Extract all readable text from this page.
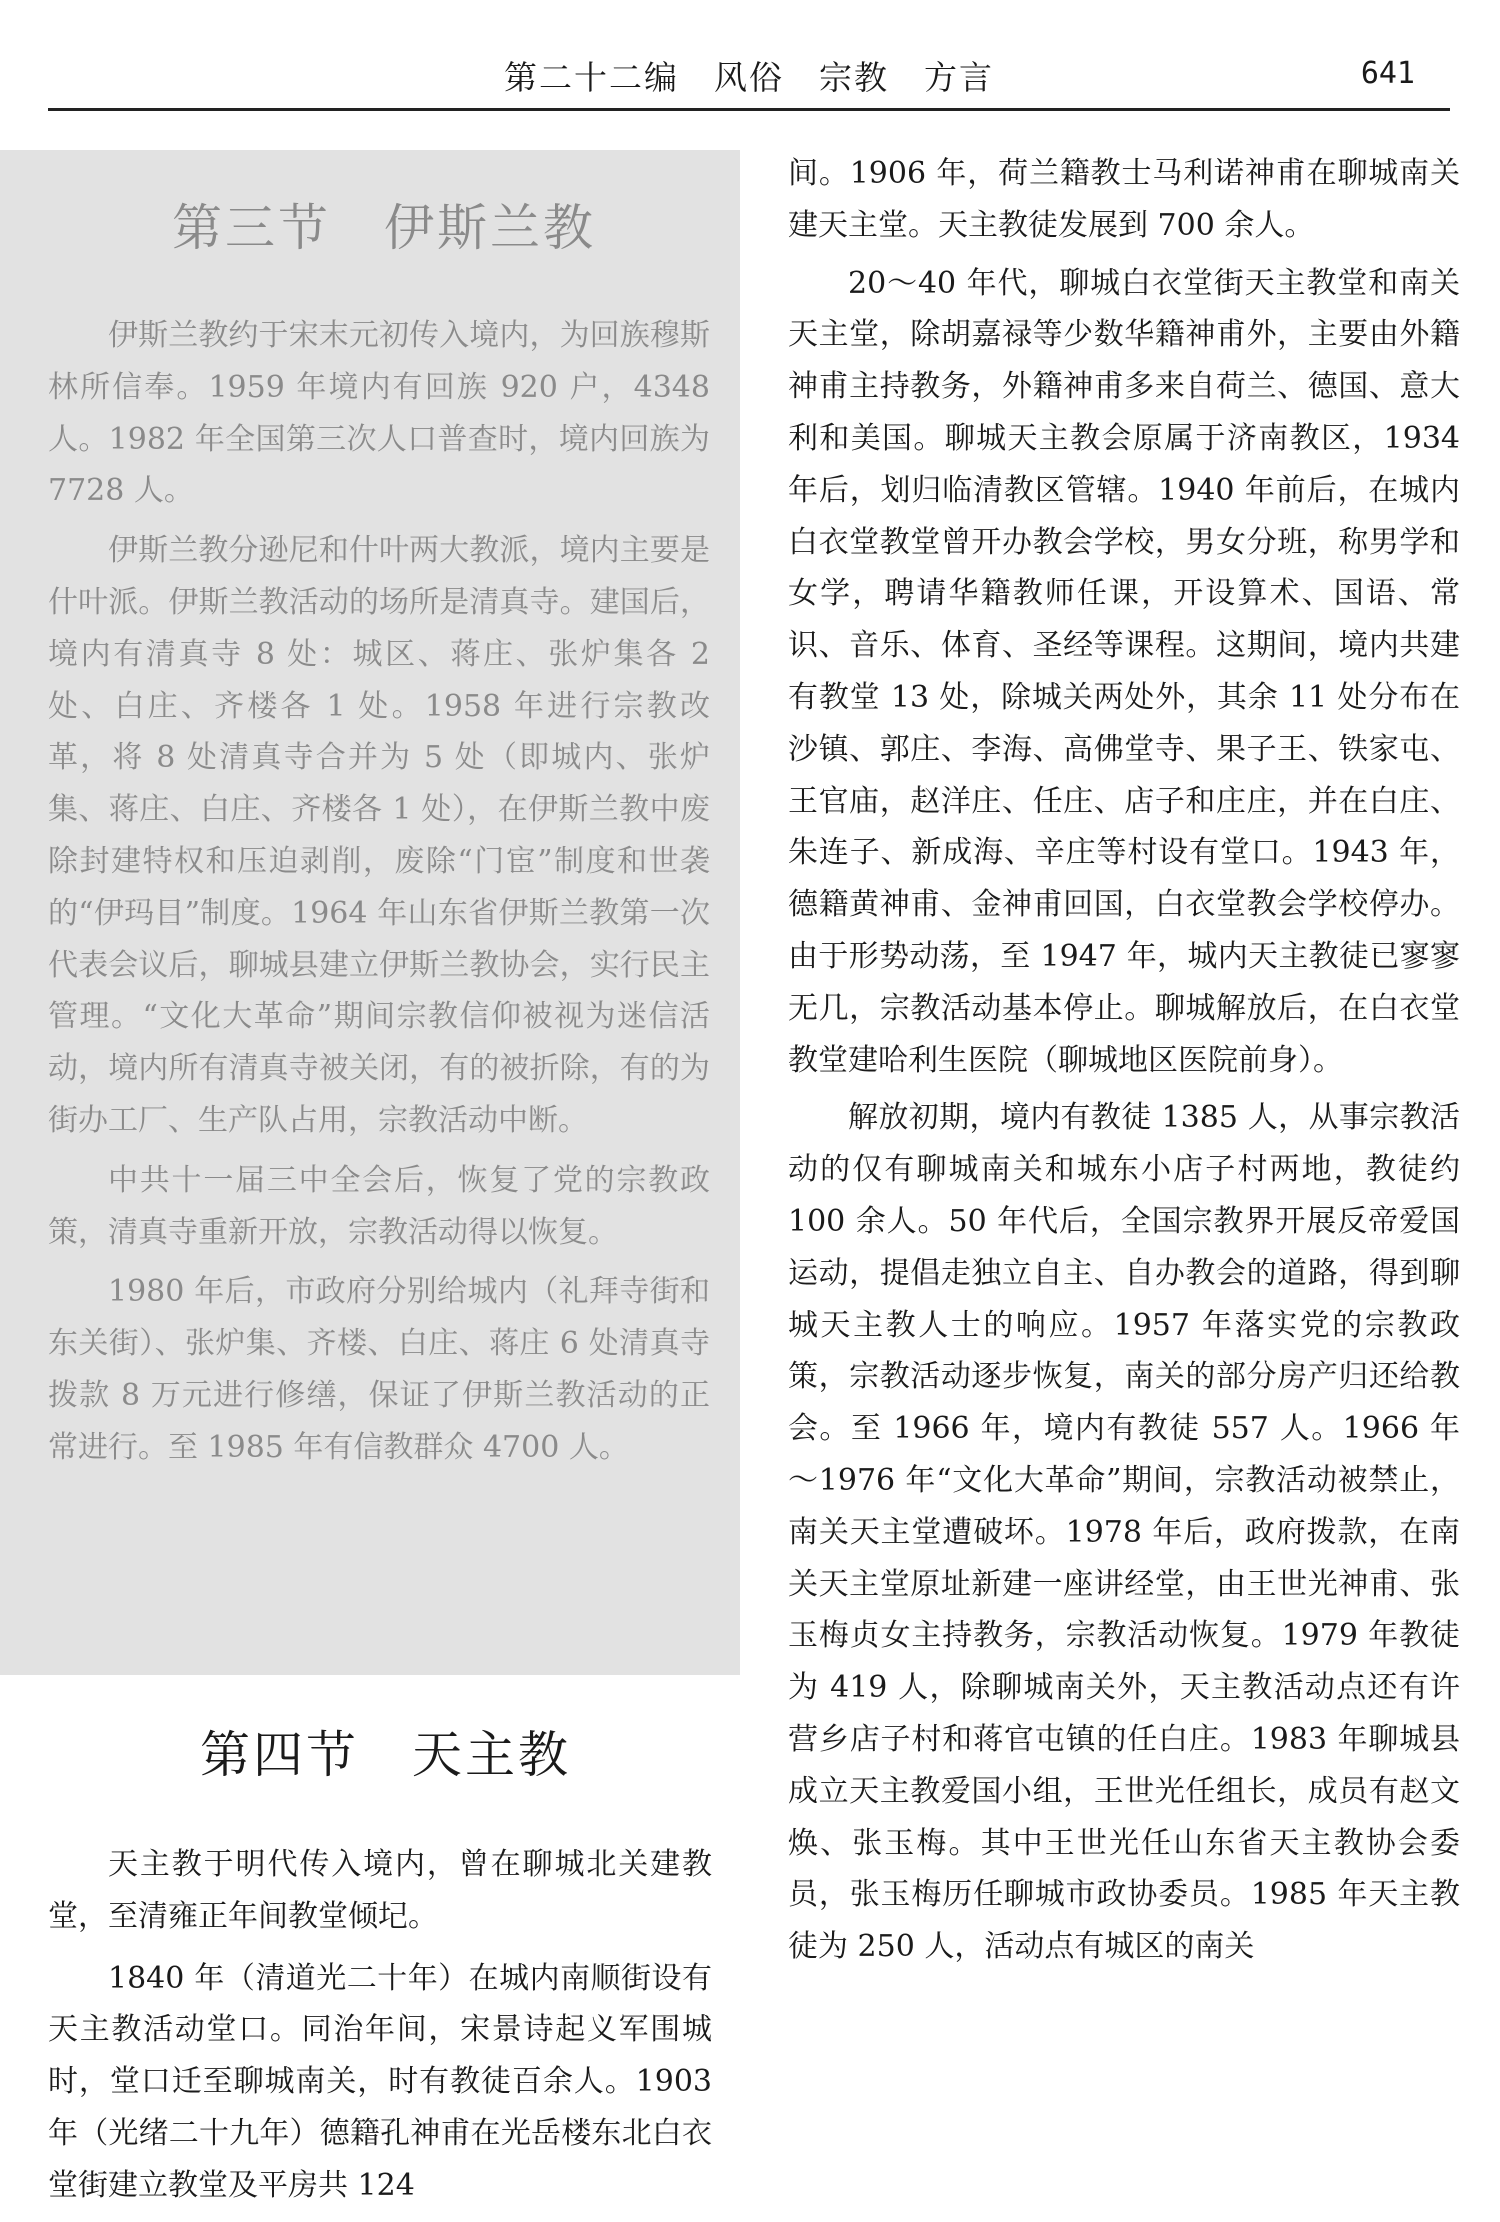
第二十二编　风俗　宗教　方言	641
第三节　伊斯兰教

伊斯兰教约于宋末元初传入境内，为回族穆斯林所信奉。1959 年境内有回族 920 户，4348 人。1982 年全国第三次人口普查时，境内回族为 7728 人。

伊斯兰教分逊尼和什叶两大教派，境内主要是什叶派。伊斯兰教活动的场所是清真寺。建国后，境内有清真寺 8 处：城区、蒋庄、张炉集各 2 处、白庄、齐楼各 1 处。1958 年进行宗教改革，将 8 处清真寺合并为 5 处（即城内、张炉集、蒋庄、白庄、齐楼各 1 处），在伊斯兰教中废除封建特权和压迫剥削，废除“门宦”制度和世袭的“伊玛目”制度。1964 年山东省伊斯兰教第一次代表会议后，聊城县建立伊斯兰教协会，实行民主管理。“文化大革命”期间宗教信仰被视为迷信活动，境内所有清真寺被关闭，有的被折除，有的为街办工厂、生产队占用，宗教活动中断。

中共十一届三中全会后，恢复了党的宗教政策，清真寺重新开放，宗教活动得以恢复。

1980 年后，市政府分别给城内（礼拜寺街和东关街）、张炉集、齐楼、白庄、蒋庄 6 处清真寺拨款 8 万元进行修缮，保证了伊斯兰教活动的正常进行。至 1985 年有信教群众 4700 人。

第四节　天主教

天主教于明代传入境内，曾在聊城北关建教堂，至清雍正年间教堂倾圮。

1840 年（清道光二十年）在城内南顺街设有天主教活动堂口。同治年间，宋景诗起义军围城时，堂口迁至聊城南关，时有教徒百余人。1903 年（光绪二十九年）德籍孔神甫在光岳楼东北白衣堂街建立教堂及平房共 124

间。1906 年，荷兰籍教士马利诺神甫在聊城南关建天主堂。天主教徒发展到 700 余人。

20～40 年代，聊城白衣堂街天主教堂和南关天主堂，除胡嘉禄等少数华籍神甫外，主要由外籍神甫主持教务，外籍神甫多来自荷兰、德国、意大利和美国。聊城天主教会原属于济南教区，1934 年后，划归临清教区管辖。1940 年前后，在城内白衣堂教堂曾开办教会学校，男女分班，称男学和女学，聘请华籍教师任课，开设算术、国语、常识、音乐、体育、圣经等课程。这期间，境内共建有教堂 13 处，除城关两处外，其余 11 处分布在沙镇、郭庄、李海、高佛堂寺、果子王、铁家屯、王官庙，赵洋庄、任庄、店子和庄庄，并在白庄、朱连子、新成海、辛庄等村设有堂口。1943 年，德籍黄神甫、金神甫回国，白衣堂教会学校停办。由于形势动荡，至 1947 年，城内天主教徒已寥寥无几，宗教活动基本停止。聊城解放后，在白衣堂教堂建哈利生医院（聊城地区医院前身）。

解放初期，境内有教徒 1385 人，从事宗教活动的仅有聊城南关和城东小店子村两地，教徒约 100 余人。50 年代后，全国宗教界开展反帝爱国运动，提倡走独立自主、自办教会的道路，得到聊城天主教人士的响应。1957 年落实党的宗教政策，宗教活动逐步恢复，南关的部分房产归还给教会。至 1966 年，境内有教徒 557 人。1966 年～1976 年“文化大革命”期间，宗教活动被禁止，南关天主堂遭破坏。1978 年后，政府拨款，在南关天主堂原址新建一座讲经堂，由王世光神甫、张玉梅贞女主持教务，宗教活动恢复。1979 年教徒为 419 人，除聊城南关外，天主教活动点还有许营乡店子村和蒋官屯镇的任白庄。1983 年聊城县成立天主教爱国小组，王世光任组长，成员有赵文焕、张玉梅。其中王世光任山东省天主教协会委员，张玉梅历任聊城市政协委员。1985 年天主教徒为 250 人，活动点有城区的南关
